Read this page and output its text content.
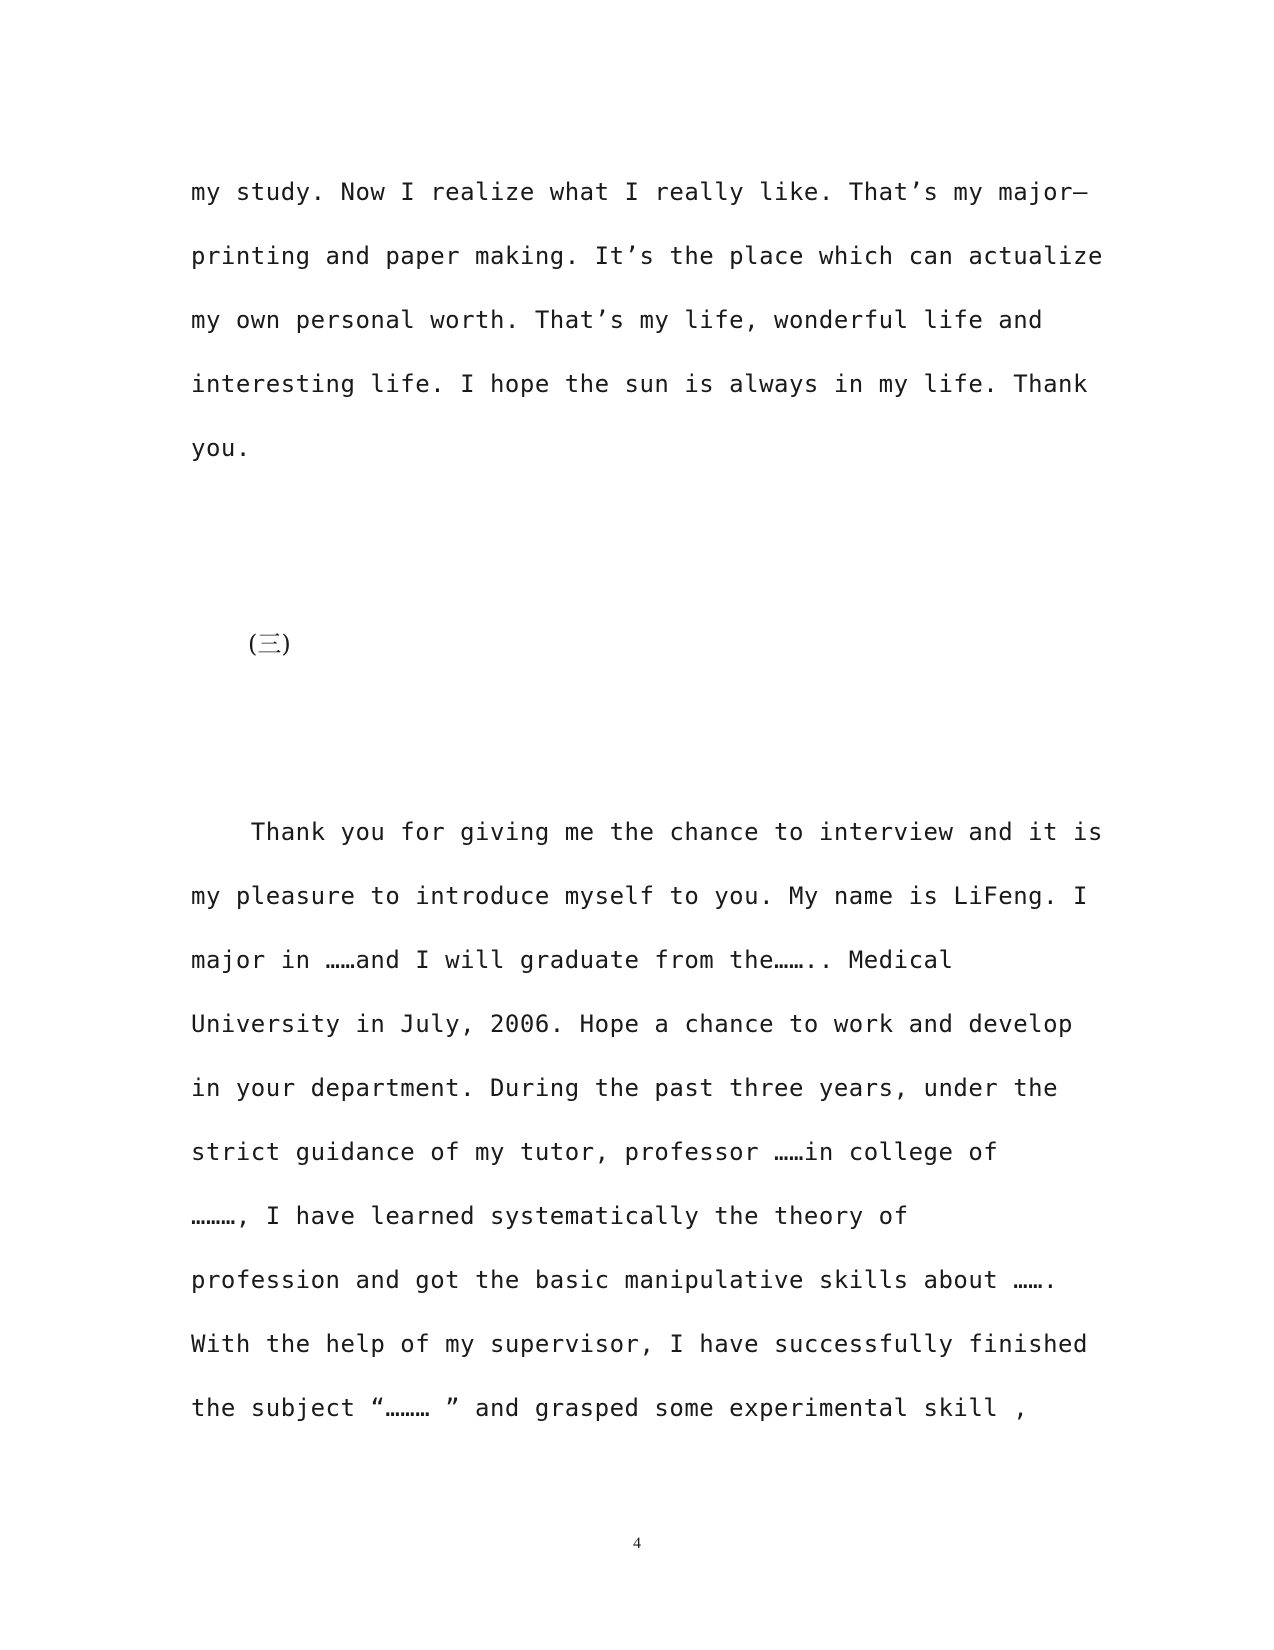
my study. Now I realize what I really like. That’s my major—
printing and paper making. It’s the place which can actualize
my own personal worth. That’s my life, wonderful life and
interesting life. I hope the sun is always in my life. Thank
you.
(三)
Thank you for giving me the chance to interview and it is
my pleasure to introduce myself to you. My name is LiFeng. I
major in ……and I will graduate from the…….. Medical
University in July, 2006. Hope a chance to work and develop
in your department. During the past three years, under the
strict guidance of my tutor, professor ……in college of
………, I have learned systematically the theory of
profession and got the basic manipulative skills about …….
With the help of my supervisor, I have successfully finished
the subject “……… ” and grasped some experimental skill ,
4
